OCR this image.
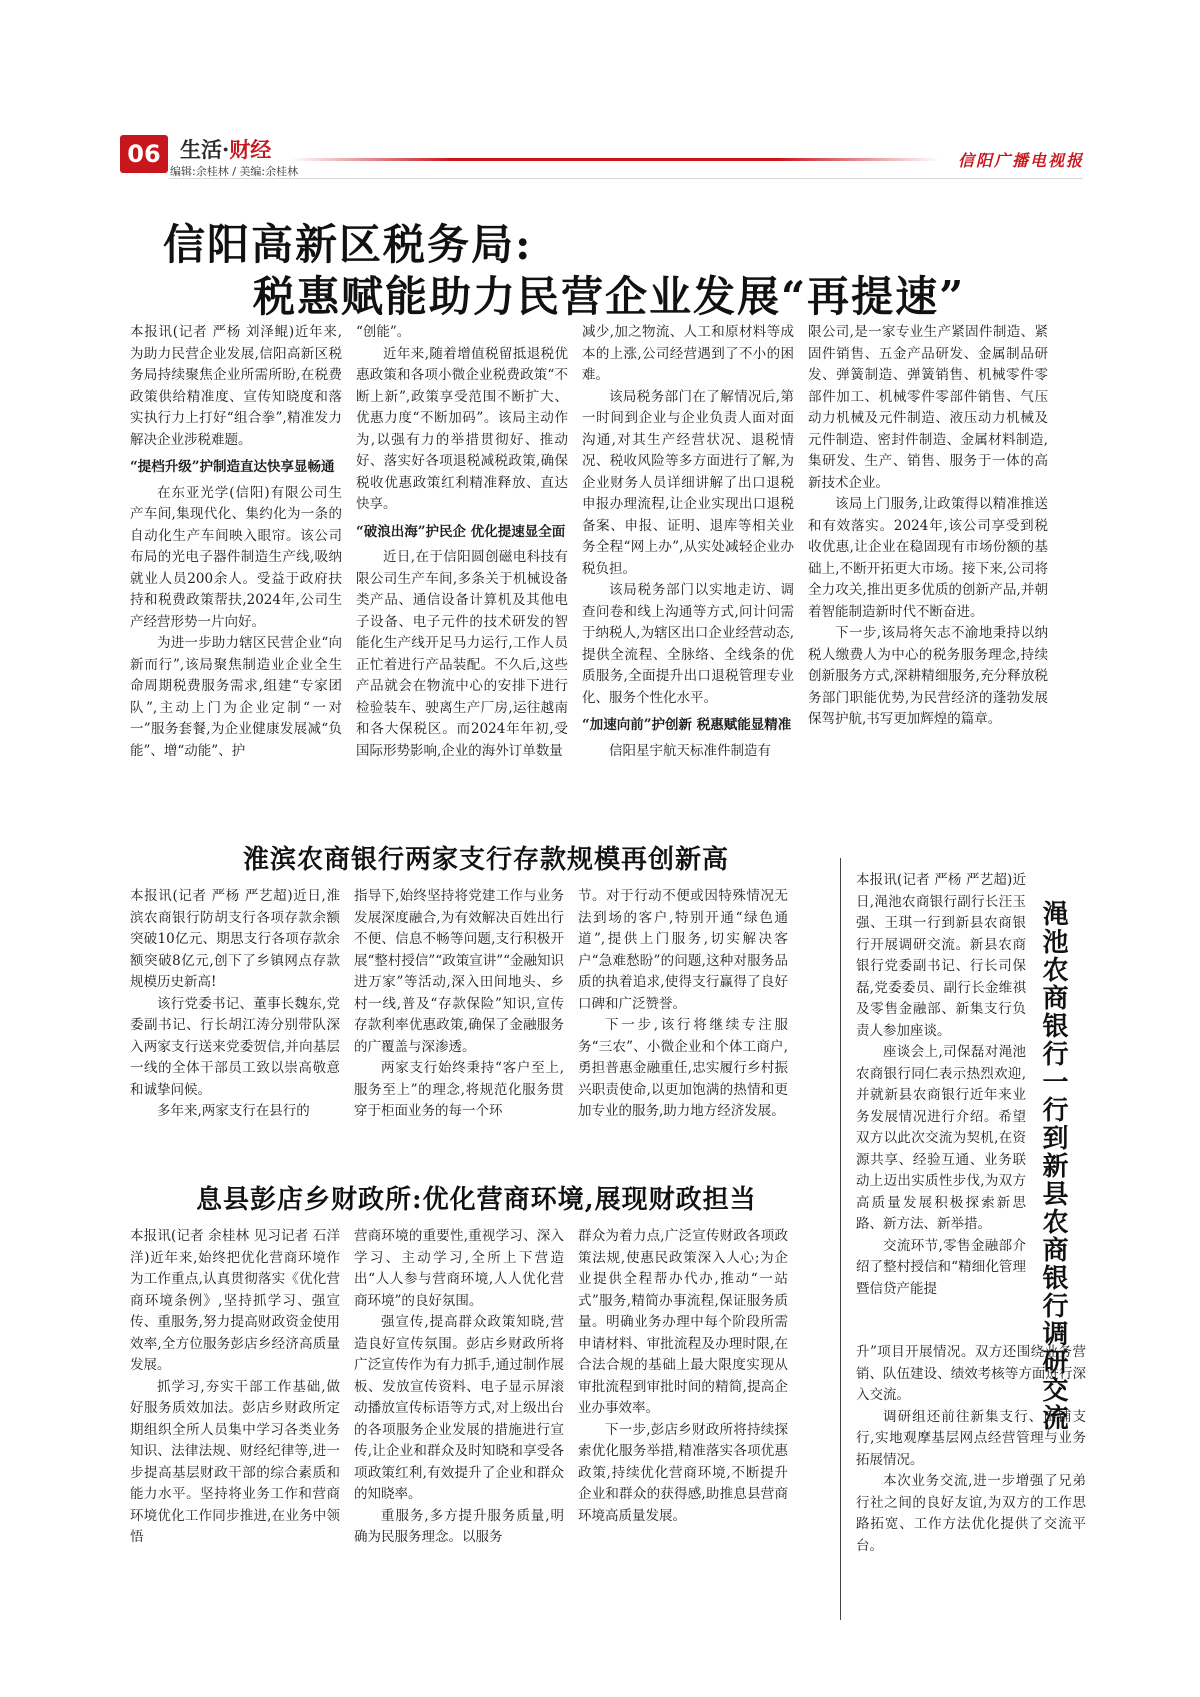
06 生活·财经
编辑:余桂林 / 美编:余桂林
信阳广播电视报
信阳高新区税务局:
税惠赋能助力民营企业发展“再提速”

本报讯(记者 严杨 刘泽鲲)近年来,为助力民营企业发展,信阳高新区税务局持续聚焦企业所需所盼,在税费政策供给精准度、宣传知晓度和落实执行力上打好“组合拳”,精准发力解决企业涉税难题。

“提档升级”护制造直达快享显畅通

在东亚光学(信阳)有限公司生产车间,集现代化、集约化为一条的自动化生产车间映入眼帘。该公司布局的光电子器件制造生产线,吸纳就业人员200余人。受益于政府扶持和税费政策帮扶,2024年,公司生产经营形势一片向好。

为进一步助力辖区民营企业“向新而行”,该局聚焦制造业企业全生命周期税费服务需求,组建“专家团队”,主动上门为企业定制“一对一”服务套餐,为企业健康发展减“负能”、增“动能”、护

“创能”。

近年来,随着增值税留抵退税优惠政策和各项小微企业税费政策“不断上新”,政策享受范围不断扩大、优惠力度“不断加码”。该局主动作为,以强有力的举措贯彻好、推动好、落实好各项退税减税政策,确保税收优惠政策红利精准释放、直达快享。

“破浪出海”护民企 优化提速显全面

近日,在于信阳圆创磁电科技有限公司生产车间,多条关于机械设备类产品、通信设备计算机及其他电子设备、电子元件的技术研发的智能化生产线开足马力运行,工作人员正忙着进行产品装配。不久后,这些产品就会在物流中心的安排下进行检验装车、驶离生产厂房,运往越南和各大保税区。而2024年年初,受国际形势影响,企业的海外订单数量

减少,加之物流、人工和原材料等成本的上涨,公司经营遇到了不小的困难。

该局税务部门在了解情况后,第一时间到企业与企业负责人面对面沟通,对其生产经营状况、退税情况、税收风险等多方面进行了解,为企业财务人员详细讲解了出口退税申报办理流程,让企业实现出口退税备案、申报、证明、退库等相关业务全程“网上办”,从实处减轻企业办税负担。

该局税务部门以实地走访、调查问卷和线上沟通等方式,问计问需于纳税人,为辖区出口企业经营动态,提供全流程、全脉络、全线条的优质服务,全面提升出口退税管理专业化、服务个性化水平。

“加速向前”护创新 税惠赋能显精准

信阳星宇航天标准件制造有

限公司,是一家专业生产紧固件制造、紧固件销售、五金产品研发、金属制品研发、弹簧制造、弹簧销售、机械零件零部件加工、机械零件零部件销售、气压动力机械及元件制造、液压动力机械及元件制造、密封件制造、金属材料制造,集研发、生产、销售、服务于一体的高新技术企业。

该局上门服务,让政策得以精准推送和有效落实。2024年,该公司享受到税收优惠,让企业在稳固现有市场份额的基础上,不断开拓更大市场。接下来,公司将全力攻关,推出更多优质的创新产品,并朝着智能制造新时代不断奋进。

下一步,该局将矢志不渝地秉持以纳税人缴费人为中心的税务服务理念,持续创新服务方式,深耕精细服务,充分释放税务部门职能优势,为民营经济的蓬勃发展保驾护航,书写更加辉煌的篇章。

淮滨农商银行两家支行存款规模再创新高

本报讯(记者 严杨 严艺超)近日,淮滨农商银行防胡支行各项存款余额突破10亿元、期思支行各项存款余额突破8亿元,创下了乡镇网点存款规模历史新高!

该行党委书记、董事长魏东,党委副书记、行长胡江涛分别带队深入两家支行送来党委贺信,并向基层一线的全体干部员工致以崇高敬意和诚挚问候。

多年来,两家支行在县行的

指导下,始终坚持将党建工作与业务发展深度融合,为有效解决百姓出行不便、信息不畅等问题,支行积极开展“整村授信”“政策宣讲”“金融知识进万家”等活动,深入田间地头、乡村一线,普及“存款保险”知识,宣传存款利率优惠政策,确保了金融服务的广覆盖与深渗透。

两家支行始终秉持“客户至上,服务至上”的理念,将规范化服务贯穿于柜面业务的每一个环

节。对于行动不便或因特殊情况无法到场的客户,特别开通“绿色通道”,提供上门服务,切实解决客户“急难愁盼”的问题,这种对服务品质的执着追求,使得支行赢得了良好口碑和广泛赞誉。

下一步,该行将继续专注服务“三农”、小微企业和个体工商户,勇担普惠金融重任,忠实履行乡村振兴职责使命,以更加饱满的热情和更加专业的服务,助力地方经济发展。

息县彭店乡财政所:优化营商环境,展现财政担当

本报讯(记者 余桂林 见习记者 石洋洋)近年来,始终把优化营商环境作为工作重点,认真贯彻落实《优化营商环境条例》,坚持抓学习、强宣传、重服务,努力提高财政资金使用效率,全方位服务彭店乡经济高质量发展。

抓学习,夯实干部工作基础,做好服务质效加法。彭店乡财政所定期组织全所人员集中学习各类业务知识、法律法规、财经纪律等,进一步提高基层财政干部的综合素质和能力水平。坚持将业务工作和营商环境优化工作同步推进,在业务中领悟

营商环境的重要性,重视学习、深入学习、主动学习,全所上下营造出“人人参与营商环境,人人优化营商环境”的良好氛围。

强宣传,提高群众政策知晓,营造良好宣传氛围。彭店乡财政所将广泛宣传作为有力抓手,通过制作展板、发放宣传资料、电子显示屏滚动播放宣传标语等方式,对上级出台的各项服务企业发展的措施进行宣传,让企业和群众及时知晓和享受各项政策红利,有效提升了企业和群众的知晓率。

重服务,多方提升服务质量,明确为民服务理念。以服务

群众为着力点,广泛宣传财政各项政策法规,使惠民政策深入人心;为企业提供全程帮办代办,推动“一站式”服务,精简办事流程,保证服务质量。明确业务办理中每个阶段所需申请材料、审批流程及办理时限,在合法合规的基础上最大限度实现从审批流程到审批时间的精简,提高企业办事效率。

下一步,彭店乡财政所将持续探索优化服务举措,精准落实各项优惠政策,持续优化营商环境,不断提升企业和群众的获得感,助推息县营商环境高质量发展。

渑池农商银行一行到新县农商银行调研交流

本报讯(记者 严杨 严艺超)近日,渑池农商银行副行长汪玉强、王琪一行到新县农商银行开展调研交流。新县农商银行党委副书记、行长司保磊,党委委员、副行长金维祺及零售金融部、新集支行负责人参加座谈。

座谈会上,司保磊对渑池农商银行同仁表示热烈欢迎,并就新县农商银行近年来业务发展情况进行介绍。希望双方以此次交流为契机,在资源共享、经验互通、业务联动上迈出实质性步伐,为双方高质量发展积极探索新思路、新方法、新举措。

交流环节,零售金融部介绍了整村授信和“精细化管理暨信贷产能提

升”项目开展情况。双方还围绕业务营销、队伍建设、绩效考核等方面进行深入交流。

调研组还前往新集支行、田铺支行,实地观摩基层网点经营管理与业务拓展情况。

本次业务交流,进一步增强了兄弟行社之间的良好友谊,为双方的工作思路拓宽、工作方法优化提供了交流平台。
